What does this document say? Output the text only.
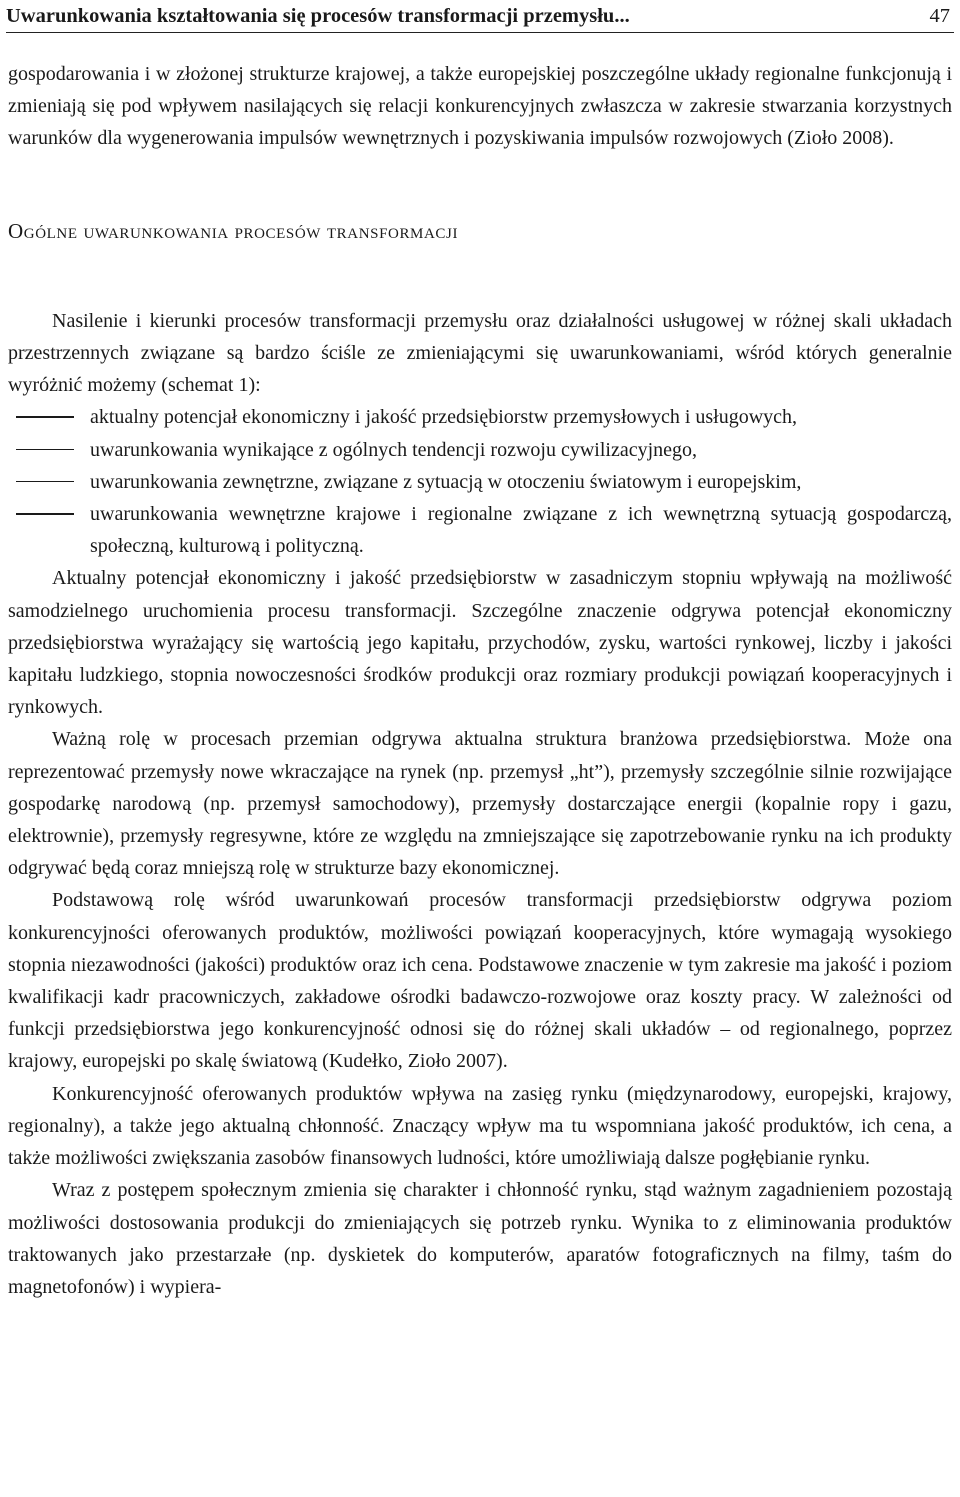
Uwarunkowania kształtowania się procesów transformacji przemysłu...	47

gospodarowania i w złożonej strukturze krajowej, a także europejskiej poszczególne układy regionalne funkcjonują i zmieniają się pod wpływem nasilających się relacji konkurencyjnych zwłaszcza w zakresie stwarzania korzystnych warunków dla wygenerowania impulsów wewnętrznych i pozyskiwania impulsów rozwojowych (Zioło 2008).

Ogólne uwarunkowania procesów transformacji

Nasilenie i kierunki procesów transformacji przemysłu oraz działalności usługowej w różnej skali układach przestrzennych związane są bardzo ściśle ze zmieniającymi się uwarunkowaniami, wśród których generalnie wyróżnić możemy (schemat 1):

aktualny potencjał ekonomiczny i jakość przedsiębiorstw przemysłowych i usługowych,
uwarunkowania wynikające z ogólnych tendencji rozwoju cywilizacyjnego,
uwarunkowania zewnętrzne, związane z sytuacją w otoczeniu światowym i europejskim,
uwarunkowania wewnętrzne krajowe i regionalne związane z ich wewnętrzną sytuacją gospodarczą, społeczną, kulturową i polityczną.

Aktualny potencjał ekonomiczny i jakość przedsiębiorstw w zasadniczym stopniu wpływają na możliwość samodzielnego uruchomienia procesu transformacji. Szczególne znaczenie odgrywa potencjał ekonomiczny przedsiębiorstwa wyrażający się wartością jego kapitału, przychodów, zysku, wartości rynkowej, liczby i jakości kapitału ludzkiego, stopnia nowoczesności środków produkcji oraz rozmiary produkcji powiązań kooperacyjnych i rynkowych.

Ważną rolę w procesach przemian odgrywa aktualna struktura branżowa przedsiębiorstwa. Może ona reprezentować przemysły nowe wkraczające na rynek (np. przemysł „ht”), przemysły szczególnie silnie rozwijające gospodarkę narodową (np. przemysł samochodowy), przemysły dostarczające energii (kopalnie ropy i gazu, elektrownie), przemysły regresywne, które ze względu na zmniejszające się zapotrzebowanie rynku na ich produkty odgrywać będą coraz mniejszą rolę w strukturze bazy ekonomicznej.

Podstawową rolę wśród uwarunkowań procesów transformacji przedsiębiorstw odgrywa poziom konkurencyjności oferowanych produktów, możliwości powiązań kooperacyjnych, które wymagają wysokiego stopnia niezawodności (jakości) produktów oraz ich cena. Podstawowe znaczenie w tym zakresie ma jakość i poziom kwalifikacji kadr pracowniczych, zakładowe ośrodki badawczo-rozwojowe oraz koszty pracy. W zależności od funkcji przedsiębiorstwa jego konkurencyjność odnosi się do różnej skali układów – od regionalnego, poprzez krajowy, europejski po skalę światową (Kudełko, Zioło 2007).

Konkurencyjność oferowanych produktów wpływa na zasięg rynku (międzynarodowy, europejski, krajowy, regionalny), a także jego aktualną chłonność. Znaczący wpływ ma tu wspomniana jakość produktów, ich cena, a także możliwości zwiększania zasobów finansowych ludności, które umożliwiają dalsze pogłębianie rynku.

Wraz z postępem społecznym zmienia się charakter i chłonność rynku, stąd ważnym zagadnieniem pozostają możliwości dostosowania produkcji do zmieniających się potrzeb rynku. Wynika to z eliminowania produktów traktowanych jako przestarzałe (np. dyskietek do komputerów, aparatów fotograficznych na filmy, taśm do magnetofonów) i wypiera-
